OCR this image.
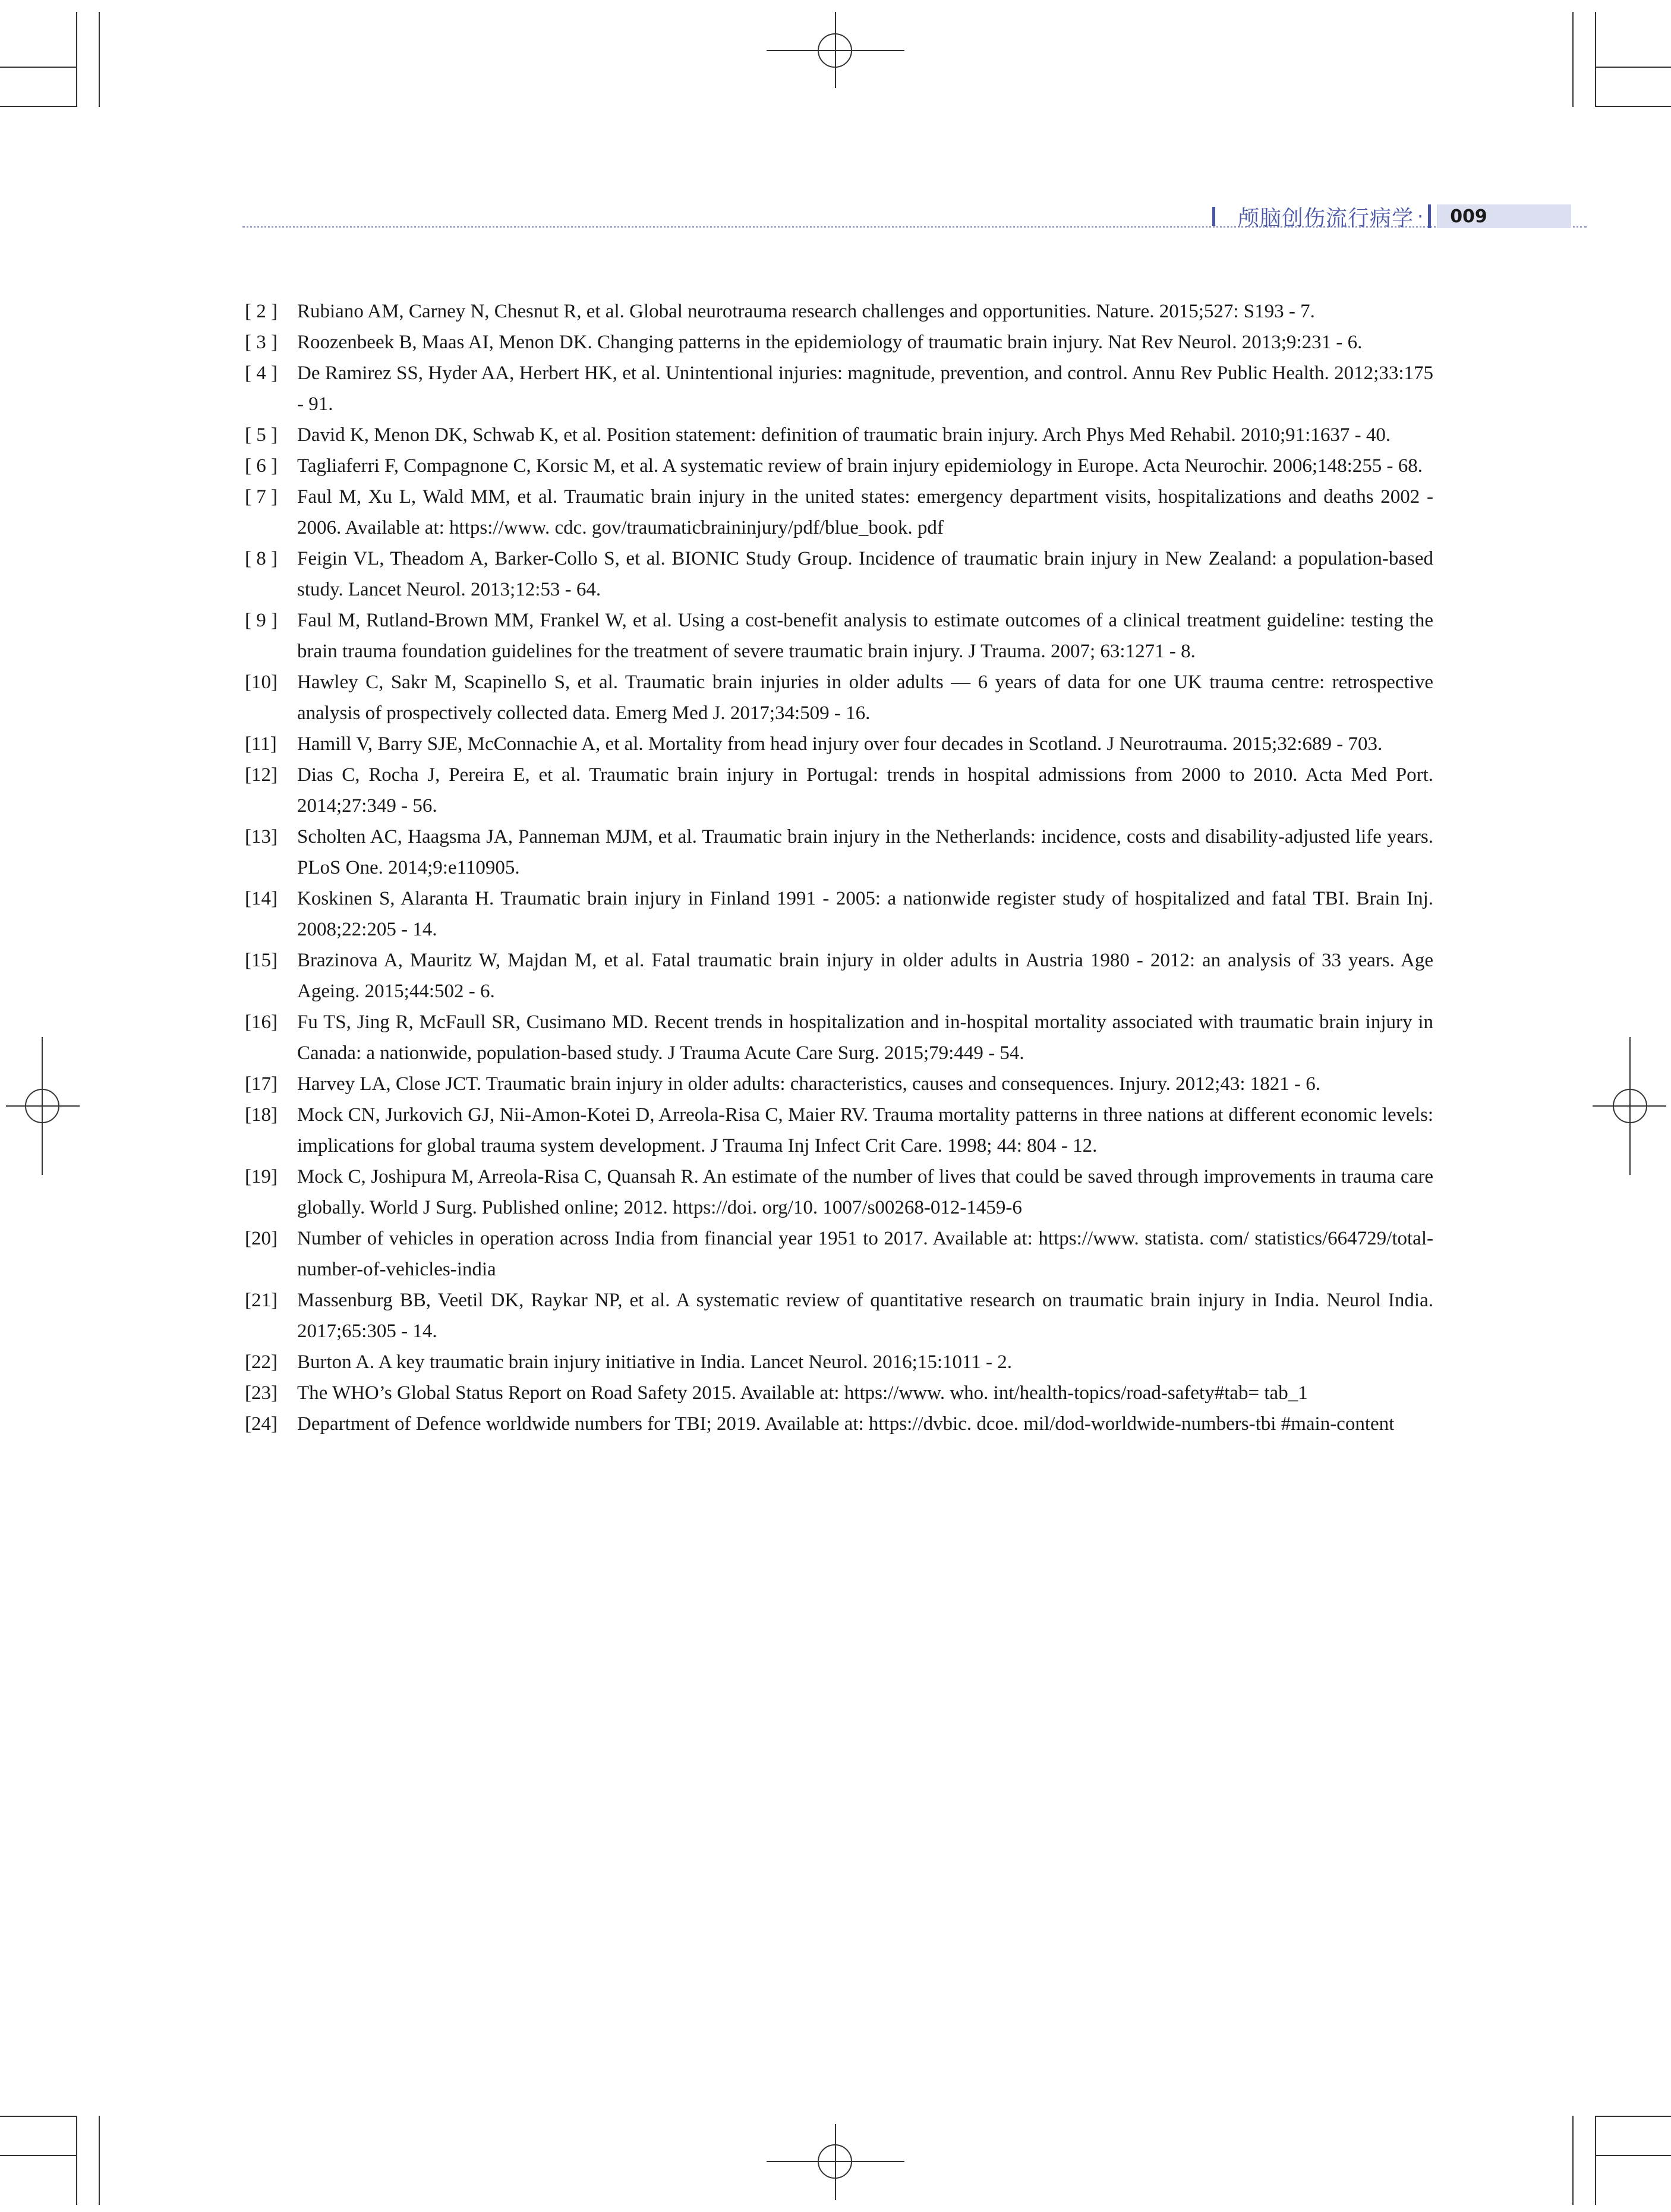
颅脑创伤流行病学 ·	009
[ 2 ] Rubiano AM, Carney N, Chesnut R, et al. Global neurotrauma research challenges and opportunities. Nature. 2015;527: S193 - 7.
[ 3 ] Roozenbeek B, Maas AI, Menon DK. Changing patterns in the epidemiology of traumatic brain injury. Nat Rev Neurol. 2013;9:231 - 6.
[ 4 ] De Ramirez SS, Hyder AA, Herbert HK, et al. Unintentional injuries: magnitude, prevention, and control. Annu Rev Public Health. 2012;33:175 - 91.
[ 5 ] David K, Menon DK, Schwab K, et al. Position statement: definition of traumatic brain injury. Arch Phys Med Rehabil. 2010;91:1637 - 40.
[ 6 ] Tagliaferri F, Compagnone C, Korsic M, et al. A systematic review of brain injury epidemiology in Europe. Acta Neurochir. 2006;148:255 - 68.
[ 7 ] Faul M, Xu L, Wald MM, et al. Traumatic brain injury in the united states: emergency department visits, hospitalizations and deaths 2002 - 2006. Available at: https://www. cdc. gov/traumaticbraininjury/pdf/blue_book. pdf
[ 8 ] Feigin VL, Theadom A, Barker-Collo S, et al. BIONIC Study Group. Incidence of traumatic brain injury in New Zealand: a population-based study. Lancet Neurol. 2013;12:53 - 64.
[ 9 ] Faul M, Rutland-Brown MM, Frankel W, et al. Using a cost-benefit analysis to estimate outcomes of a clinical treatment guideline: testing the brain trauma foundation guidelines for the treatment of severe traumatic brain injury. J Trauma. 2007; 63:1271 - 8.
[10] Hawley C, Sakr M, Scapinello S, et al. Traumatic brain injuries in older adults — 6 years of data for one UK trauma centre: retrospective analysis of prospectively collected data. Emerg Med J. 2017;34:509 - 16.
[11] Hamill V, Barry SJE, McConnachie A, et al. Mortality from head injury over four decades in Scotland. J Neurotrauma. 2015;32:689 - 703.
[12] Dias C, Rocha J, Pereira E, et al. Traumatic brain injury in Portugal: trends in hospital admissions from 2000 to 2010. Acta Med Port. 2014;27:349 - 56.
[13] Scholten AC, Haagsma JA, Panneman MJM, et al. Traumatic brain injury in the Netherlands: incidence, costs and disability-adjusted life years. PLoS One. 2014;9:e110905.
[14] Koskinen S, Alaranta H. Traumatic brain injury in Finland 1991 - 2005: a nationwide register study of hospitalized and fatal TBI. Brain Inj. 2008;22:205 - 14.
[15] Brazinova A, Mauritz W, Majdan M, et al. Fatal traumatic brain injury in older adults in Austria 1980 - 2012: an analysis of 33 years. Age Ageing. 2015;44:502 - 6.
[16] Fu TS, Jing R, McFaull SR, Cusimano MD. Recent trends in hospitalization and in-hospital mortality associated with traumatic brain injury in Canada: a nationwide, population-based study. J Trauma Acute Care Surg. 2015;79:449 - 54.
[17] Harvey LA, Close JCT. Traumatic brain injury in older adults: characteristics, causes and consequences. Injury. 2012;43: 1821 - 6.
[18] Mock CN, Jurkovich GJ, Nii-Amon-Kotei D, Arreola-Risa C, Maier RV. Trauma mortality patterns in three nations at different economic levels: implications for global trauma system development. J Trauma Inj Infect Crit Care. 1998; 44: 804 - 12.
[19] Mock C, Joshipura M, Arreola-Risa C, Quansah R. An estimate of the number of lives that could be saved through improvements in trauma care globally. World J Surg. Published online; 2012. https://doi. org/10. 1007/s00268-012-1459-6
[20] Number of vehicles in operation across India from financial year 1951 to 2017. Available at: https://www. statista. com/ statistics/664729/total-number-of-vehicles-india
[21] Massenburg BB, Veetil DK, Raykar NP, et al. A systematic review of quantitative research on traumatic brain injury in India. Neurol India. 2017;65:305 - 14.
[22] Burton A. A key traumatic brain injury initiative in India. Lancet Neurol. 2016;15:1011 - 2.
[23] The WHO’s Global Status Report on Road Safety 2015. Available at: https://www. who. int/health-topics/road-safety#tab= tab_1
[24] Department of Defence worldwide numbers for TBI; 2019. Available at: https://dvbic. dcoe. mil/dod-worldwide-numbers-tbi #main-content
